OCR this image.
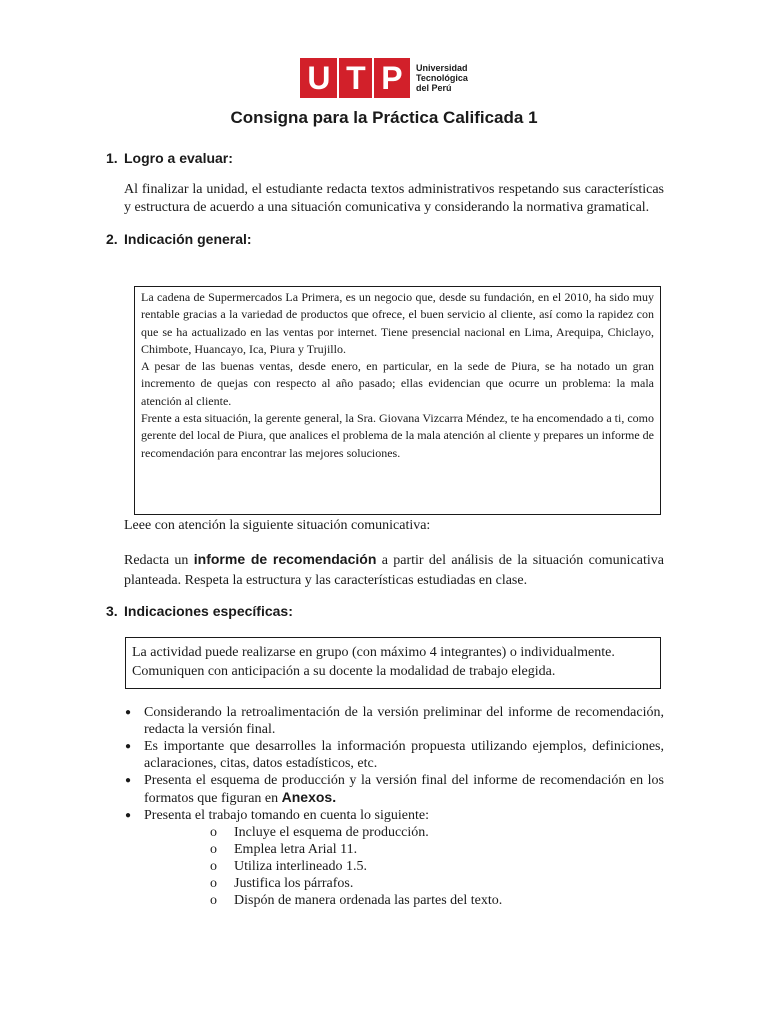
U T P Universidad
Tecnológica
del Perú
Consigna para la Práctica Calificada 1
1. Logro a evaluar:
Al finalizar la unidad, el estudiante redacta textos administrativos respetando sus características y estructura de acuerdo a una situación comunicativa y considerando la normativa gramatical.
2. Indicación general:

La cadena de Supermercados La Primera, es un negocio que, desde su fundación, en el 2010, ha sido muy rentable gracias a la variedad de productos que ofrece, el buen servicio al cliente, así como la rapidez con que se ha actualizado en las ventas por internet. Tiene presencial nacional en Lima, Arequipa, Chiclayo, Chimbote, Huancayo, Ica, Piura y Trujillo.

A pesar de las buenas ventas, desde enero, en particular, en la sede de Piura, se ha notado un gran incremento de quejas con respecto al año pasado; ellas evidencian que ocurre un problema: la mala atención al cliente.

Frente a esta situación, la gerente general, la Sra. Giovana Vizcarra Méndez, te ha encomendado a ti, como gerente del local de Piura, que analices el problema de la mala atención al cliente y prepares un informe de recomendación para encontrar las mejores soluciones.

Leee con atención la siguiente situación comunicativa:
Redacta un informe de recomendación a partir del análisis de la situación comunicativa planteada. Respeta la estructura y las características estudiadas en clase.
3. Indicaciones específicas:

La actividad puede realizarse en grupo (con máximo 4 integrantes) o individualmente.

Comuniquen con anticipación a su docente la modalidad de trabajo elegida.

● Considerando la retroalimentación de la versión preliminar del informe de recomendación, redacta la versión final.
● Es importante que desarrolles la información propuesta utilizando ejemplos, definiciones, aclaraciones, citas, datos estadísticos, etc.
● Presenta el esquema de producción y la versión final del informe de recomendación en los formatos que figuran en Anexos.
● Presenta el trabajo tomando en cuenta lo siguiente:
o Incluye el esquema de producción.
o Emplea letra Arial 11.
o Utiliza interlineado 1.5.
o Justifica los párrafos.
o Dispón de manera ordenada las partes del texto.
